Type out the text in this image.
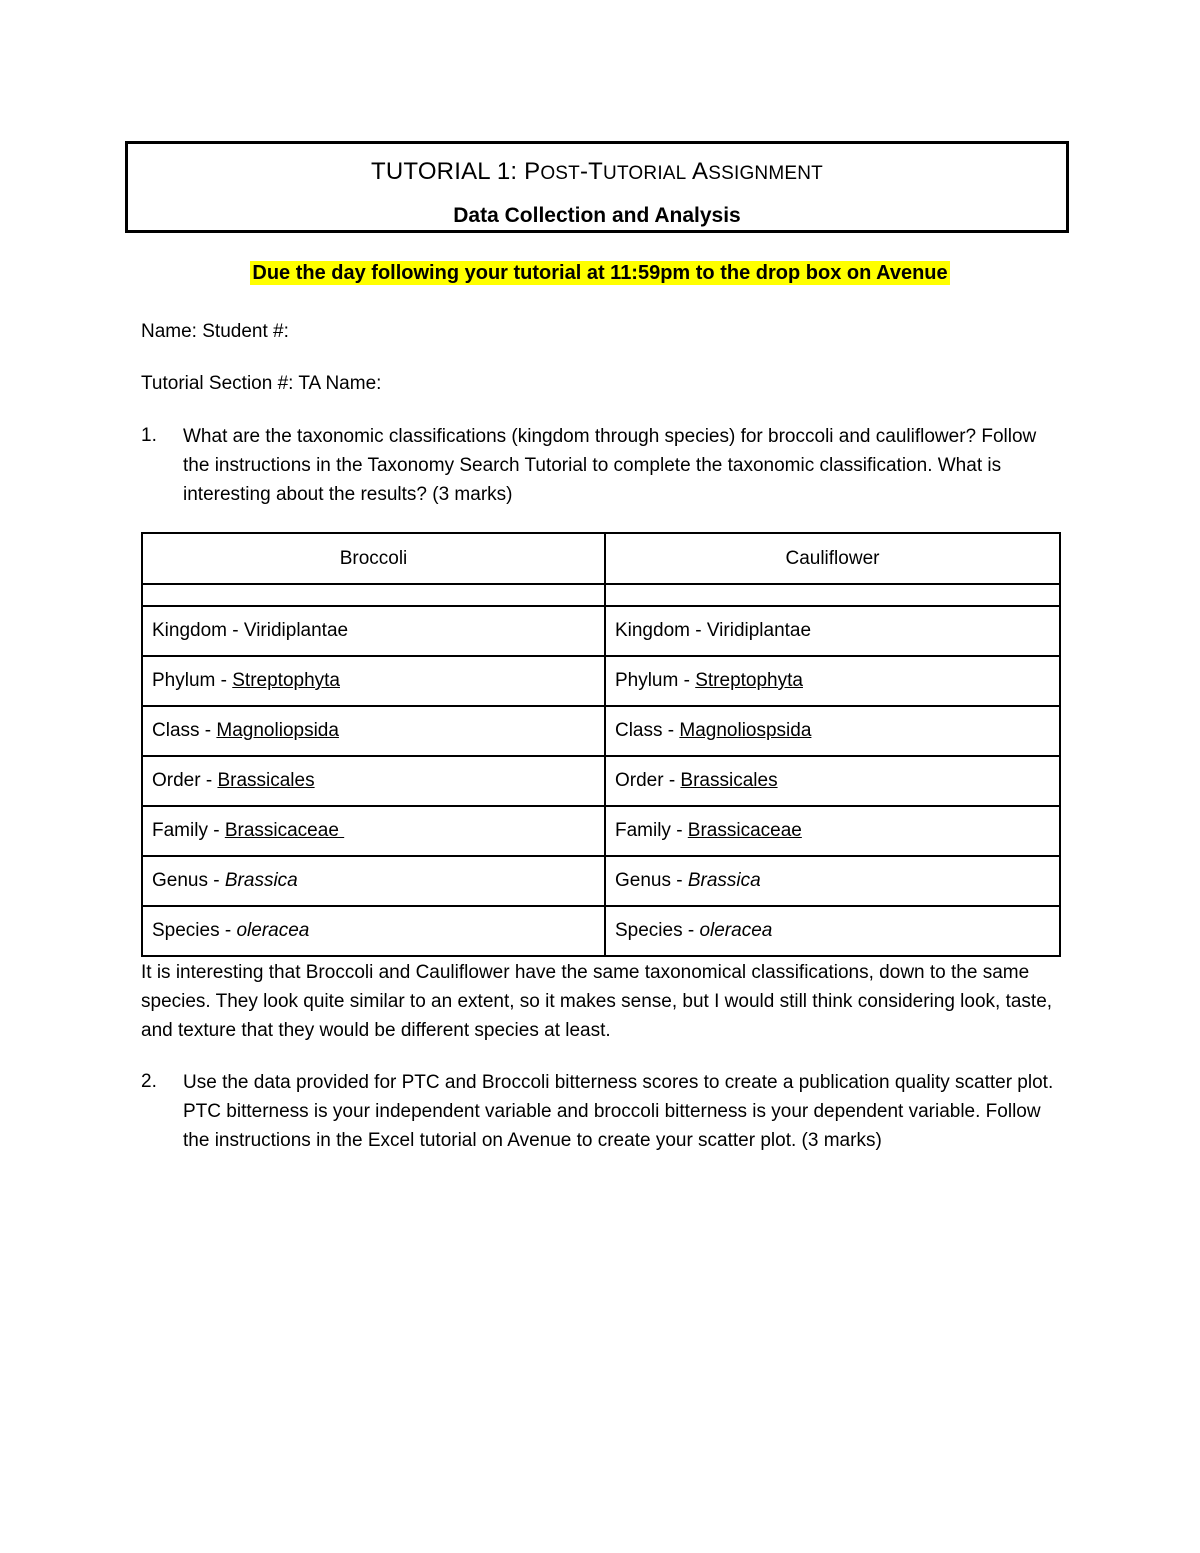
TUTORIAL 1: POST-TUTORIAL ASSIGNMENT
Data Collection and Analysis
Due the day following your tutorial at 11:59pm to the drop box on Avenue
Name: Student #:
Tutorial Section #: TA Name:
1. What are the taxonomic classifications (kingdom through species) for broccoli and cauliflower? Follow the instructions in the Taxonomy Search Tutorial to complete the taxonomic classification. What is interesting about the results? (3 marks)
Broccoli	Cauliflower

Kingdom - Viridiplantae	Kingdom - Viridiplantae
Phylum - Streptophyta	Phylum - Streptophyta
Class - Magnoliopsida	Class - Magnoliospsida
Order - Brassicales	Order - Brassicales
Family - Brassicaceae	Family - Brassicaceae
Genus - Brassica	Genus - Brassica
Species - oleracea	Species - oleracea
It is interesting that Broccoli and Cauliflower have the same taxonomical classifications, down to the same species. They look quite similar to an extent, so it makes sense, but I would still think considering look, taste, and texture that they would be different species at least.
2. Use the data provided for PTC and Broccoli bitterness scores to create a publication quality scatter plot. PTC bitterness is your independent variable and broccoli bitterness is your dependent variable. Follow the instructions in the Excel tutorial on Avenue to create your scatter plot. (3 marks)
